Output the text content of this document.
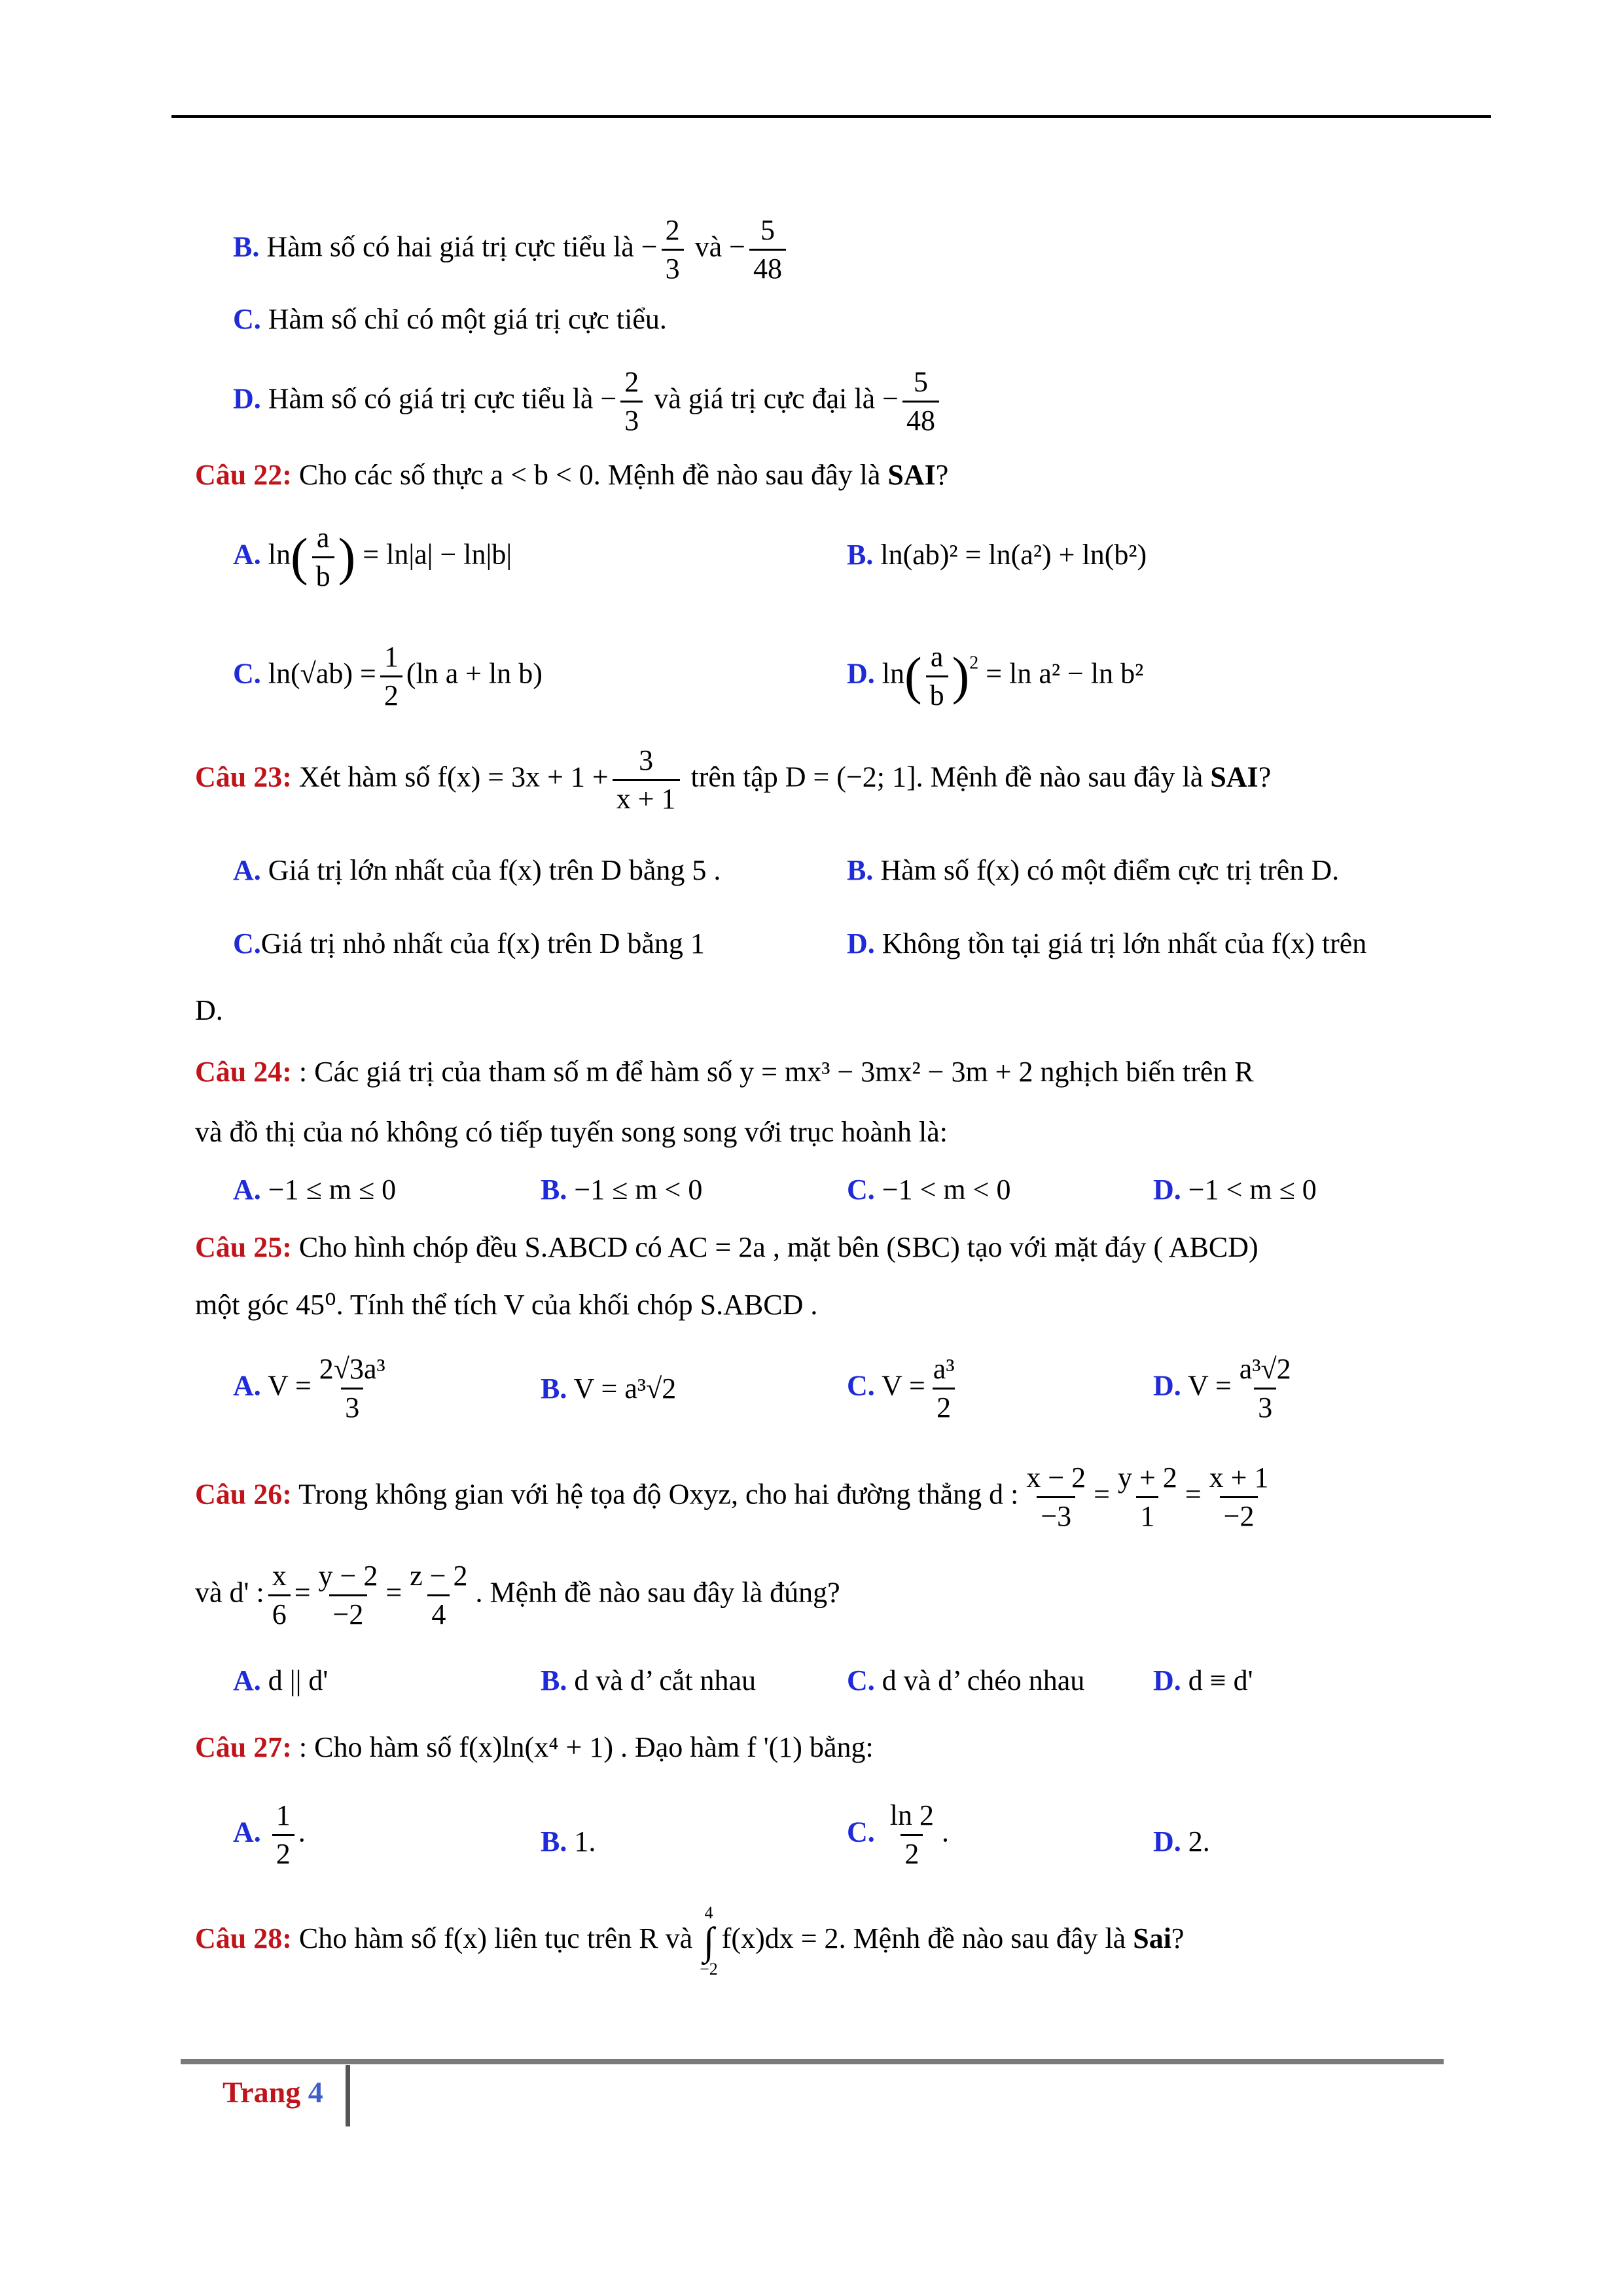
B. Hàm số có hai giá trị cực tiểu là − $\frac{2}{3}$ và − $\frac{5}{48}$
C. Hàm số chỉ có một giá trị cực tiểu.
D. Hàm số có giá trị cực tiểu là − $\frac{2}{3}$ và giá trị cực đại là − $\frac{5}{48}$
Câu 22: Cho các số thực a < b < 0. Mệnh đề nào sau đây là SAI?
A. $\ln( \frac{a}{b}$ ) = ln|a| − ln|b|	B. ln(ab)² = ln(a²) + ln(b²)
C. $\ln(√ab) = \frac{1}{2} (\ln$ a + ln b)	D. $\ln( \frac{a}{b} )^2 = \ln a^2 - \ln b^2$
Câu 23: Xét hàm số $f(x) = 3x + 1 + \frac{3}{x + 1}$ trên tập D = (−2; 1]. Mệnh đề nào sau đây là SAI?
A. Giá trị lớn nhất của f(x) trên D bằng 5 .	B. Hàm số f(x) có một điểm cực trị trên D.
C.Giá trị nhỏ nhất của f(x) trên D bằng 1	D. Không tồn tại giá trị lớn nhất của f(x) trên
D.
Câu 24: : Các giá trị của tham số m để hàm số y = mx³ − 3mx² − 3m + 2 nghịch biến trên R
và đồ thị của nó không có tiếp tuyến song song với trục hoành là:
A. −1 ≤ m ≤ 0	B. −1 ≤ m < 0	C. −1 < m < 0	D. −1 < m ≤ 0
Câu 25: Cho hình chóp đều S.ABCD có AC = 2a , mặt bên (SBC) tạo với mặt đáy ( ABCD)
một góc 45⁰. Tính thể tích V của khối chóp S.ABCD .
A. $V = \frac{\text{2√3a³}}{3}$	B. V = a³√2	C. $V = \frac{\text{a³}}{2}$	D. $V = \frac{\text{a³√2}}{3}$
Câu 26: Trong không gian với hệ tọa độ Oxyz, cho hai đường thẳng d : $\frac{x - 2}{-3} = \frac{y + 2}{1} = \frac{x + 1}{-2}$
và d' : $\frac{x}{6} = \frac{y - 2}{-2} = \frac{z - 2}{4}$ . Mệnh đề nào sau đây là đúng?
A. d || d'	B. d và d’ cắt nhau	C. d và d’ chéo nhau D. d ≡ d'
Câu 27: : Cho hàm số f(x)ln(x⁴ + 1) . Đạo hàm f '(1) bằng:
A. $\frac{1}{2}$ .	B. 1.	C. $\frac{\ln 2}{2}$ .	D. 2.
Câu 28: Cho hàm số f(x) liên tục trên R và
4
∫
−2
f(x)dx = 2. Mệnh đề nào sau đây là Sai?
Trang 4
